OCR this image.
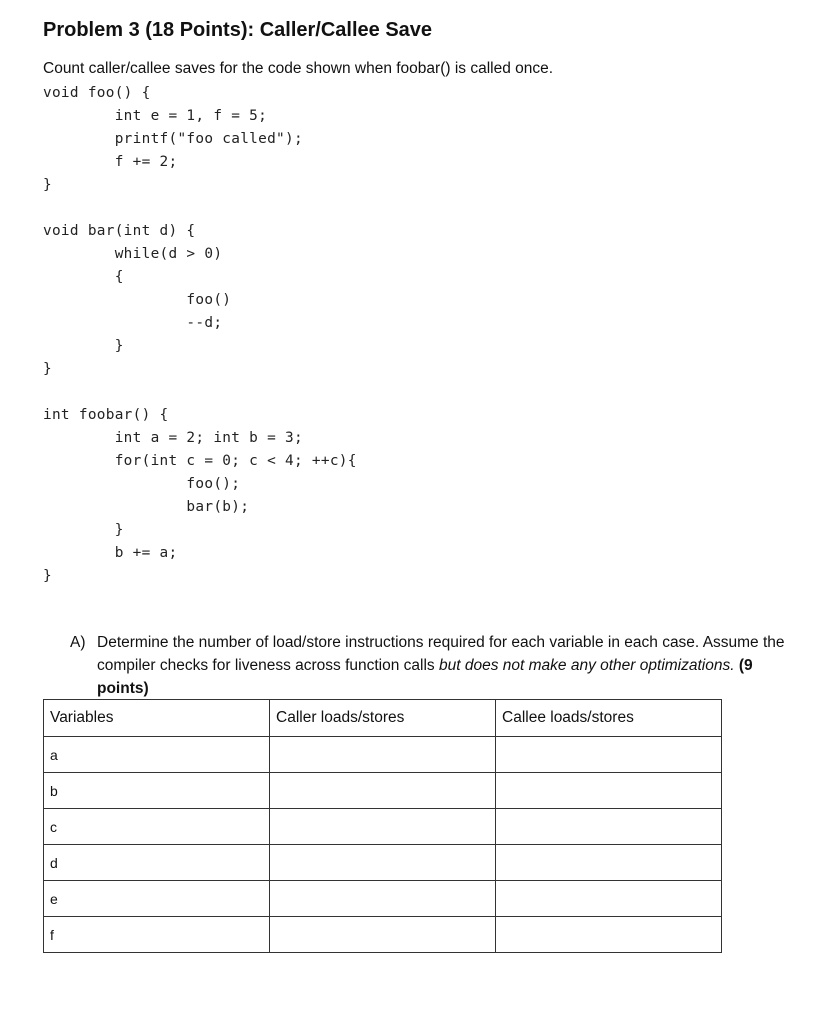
Problem 3 (18 Points): Caller/Callee Save
Count caller/callee saves for the code shown when foobar() is called once.
void foo() {
int e = 1, f = 5;
printf("foo called");
f += 2;
}

void bar(int d) {
while(d > 0)
{
foo()
--d;
}
}

int foobar() {
int a = 2; int b = 3;
for(int c = 0; c < 4; ++c){
foo();
bar(b);
}
b += a;
}
A) Determine the number of load/store instructions required for each variable in each case. Assume the compiler checks for liveness across function calls but does not make any other optimizations. (9 points)
Variables	Caller loads/stores	Callee loads/stores
a		
b		
c		
d		
e		
f		
